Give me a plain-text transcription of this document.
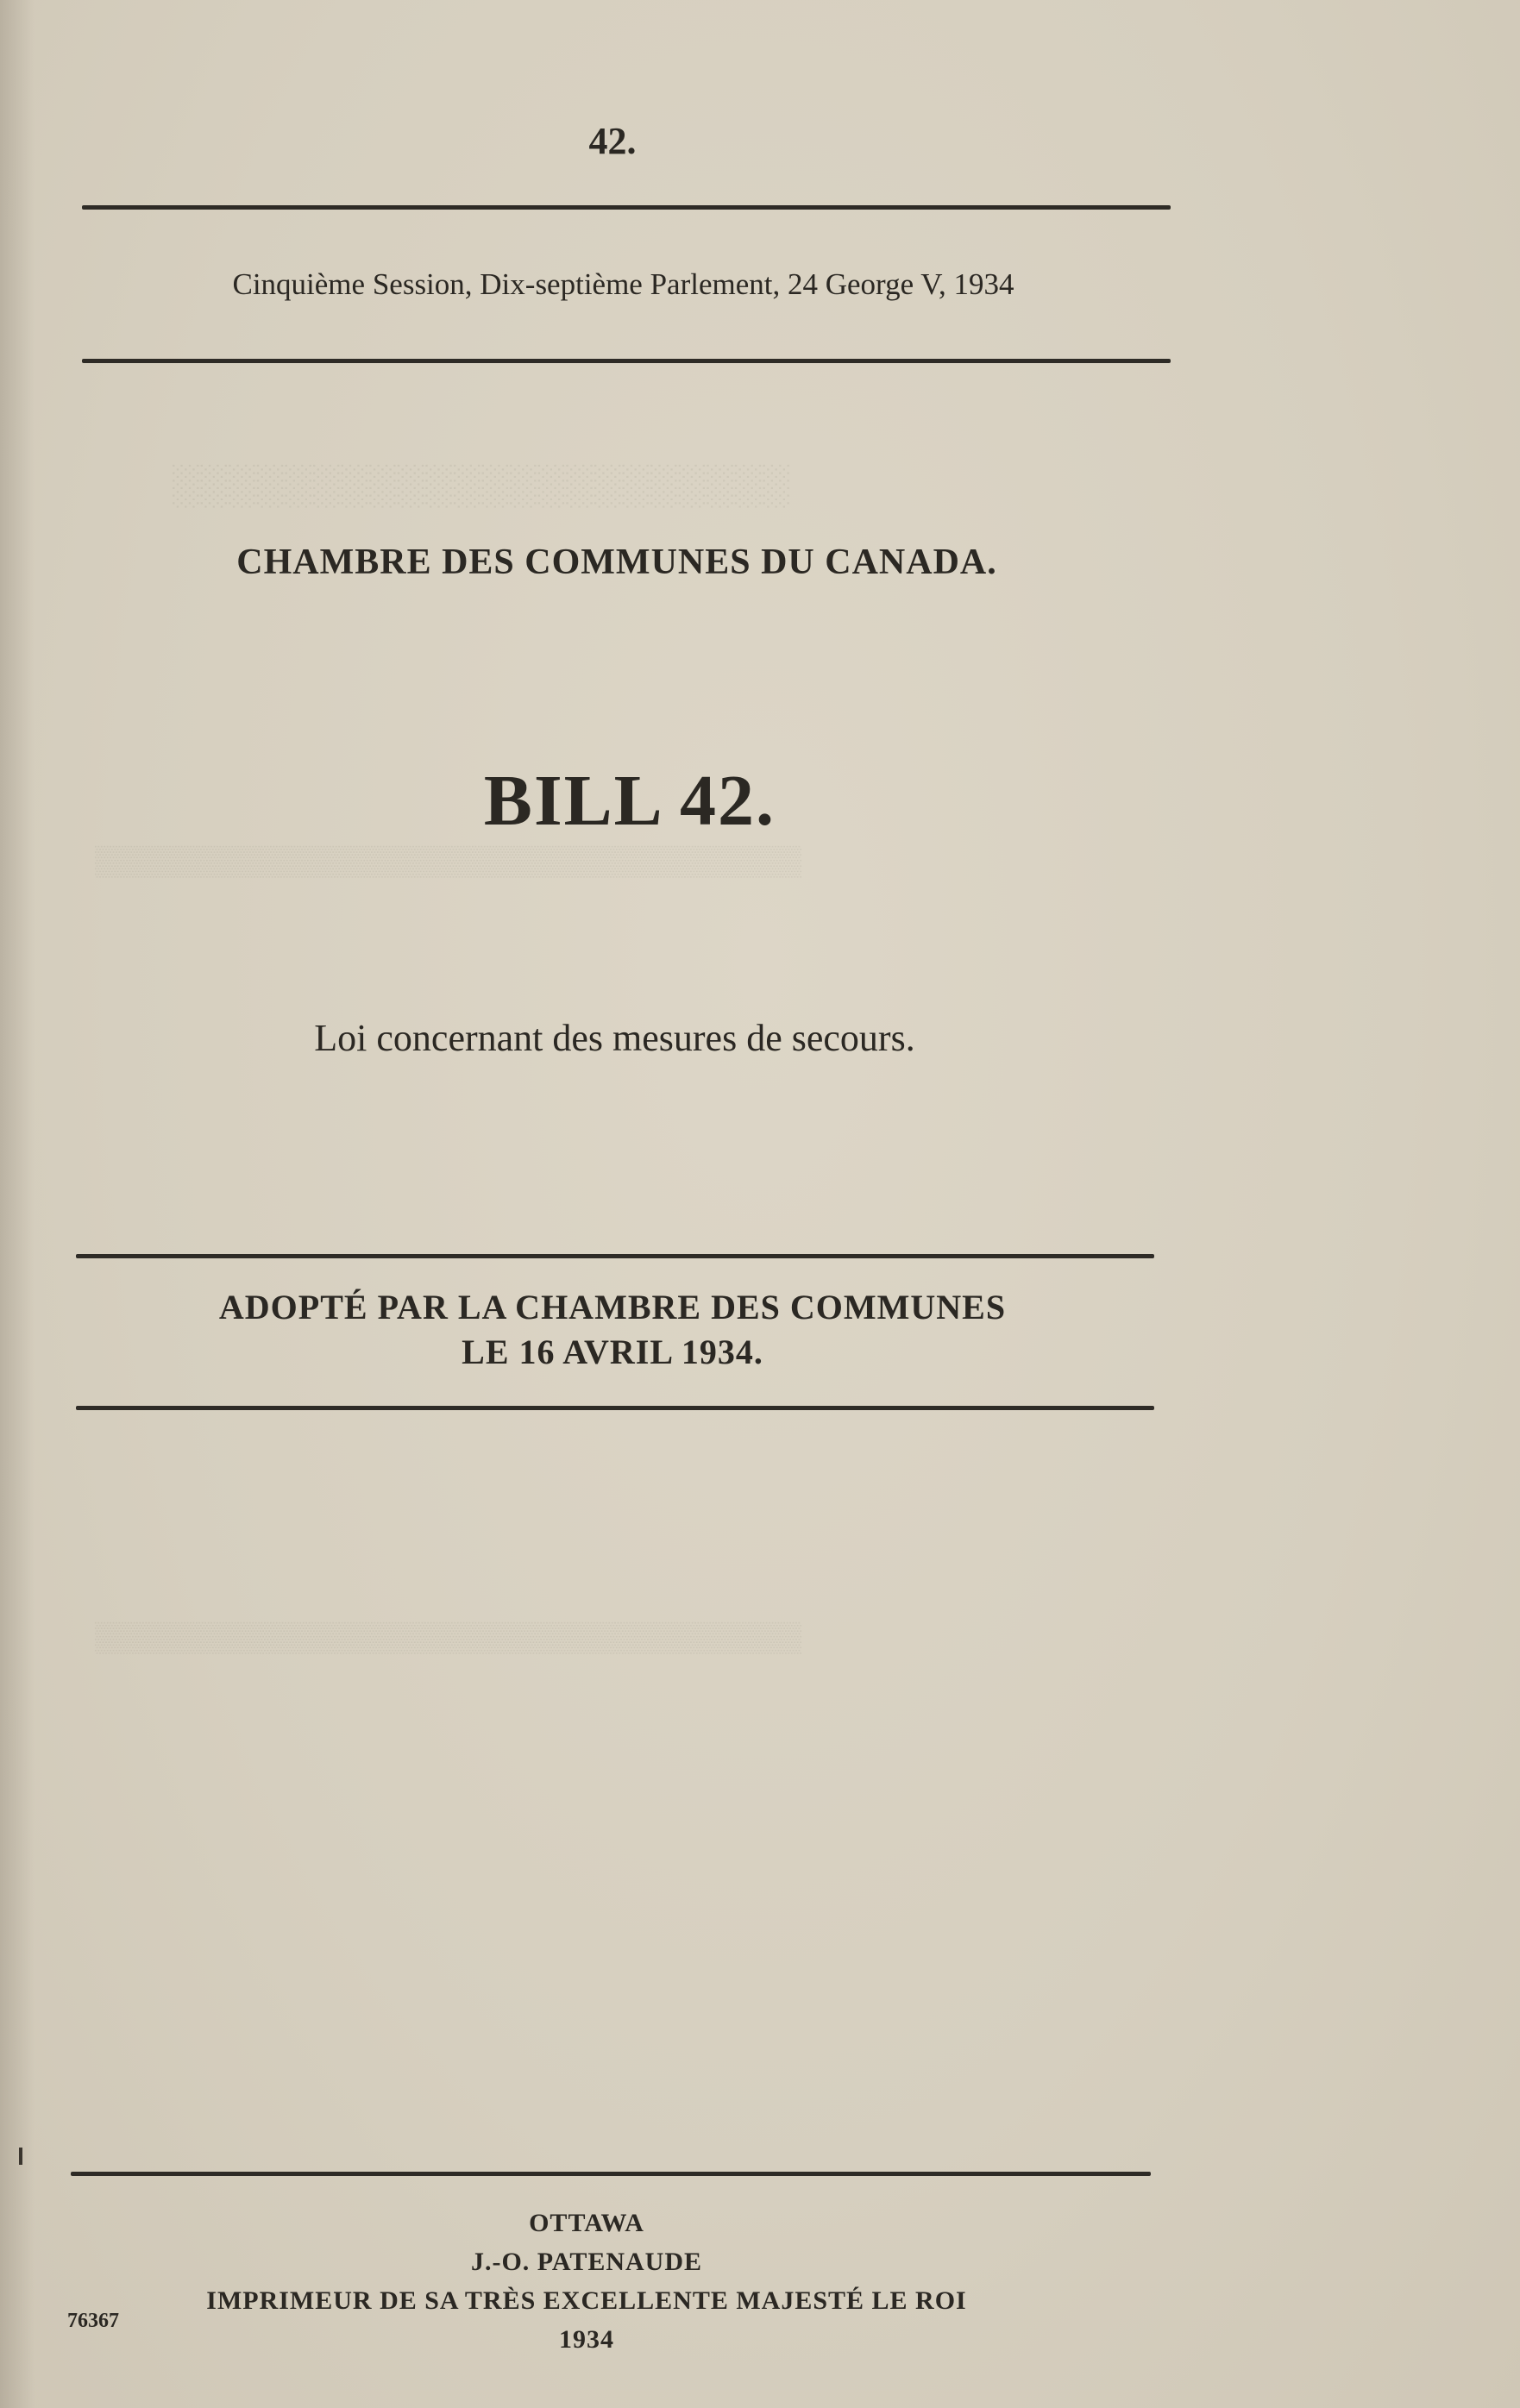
░░░░░░░░░░░░░░░░░░░░░░
▒▒▒▒▒▒▒▒▒▒▒▒▒▒▒▒▒▒▒▒▒▒▒▒▒▒▒▒▒▒▒▒▒▒
▒▒▒▒▒▒▒▒▒▒▒▒▒▒▒▒▒▒▒▒▒▒▒▒▒▒▒▒▒▒▒▒▒▒
42.
Cinquième Session, Dix-septième Parlement, 24 George V, 1934
CHAMBRE DES COMMUNES DU CANADA.
BILL 42.
Loi concernant des mesures de secours.
ADOPTÉ PAR LA CHAMBRE DES COMMUNES
LE 16 AVRIL 1934.
OTTAWA
J.-O. PATENAUDE
IMPRIMEUR DE SA TRÈS EXCELLENTE MAJESTÉ LE ROI
1934
76367
